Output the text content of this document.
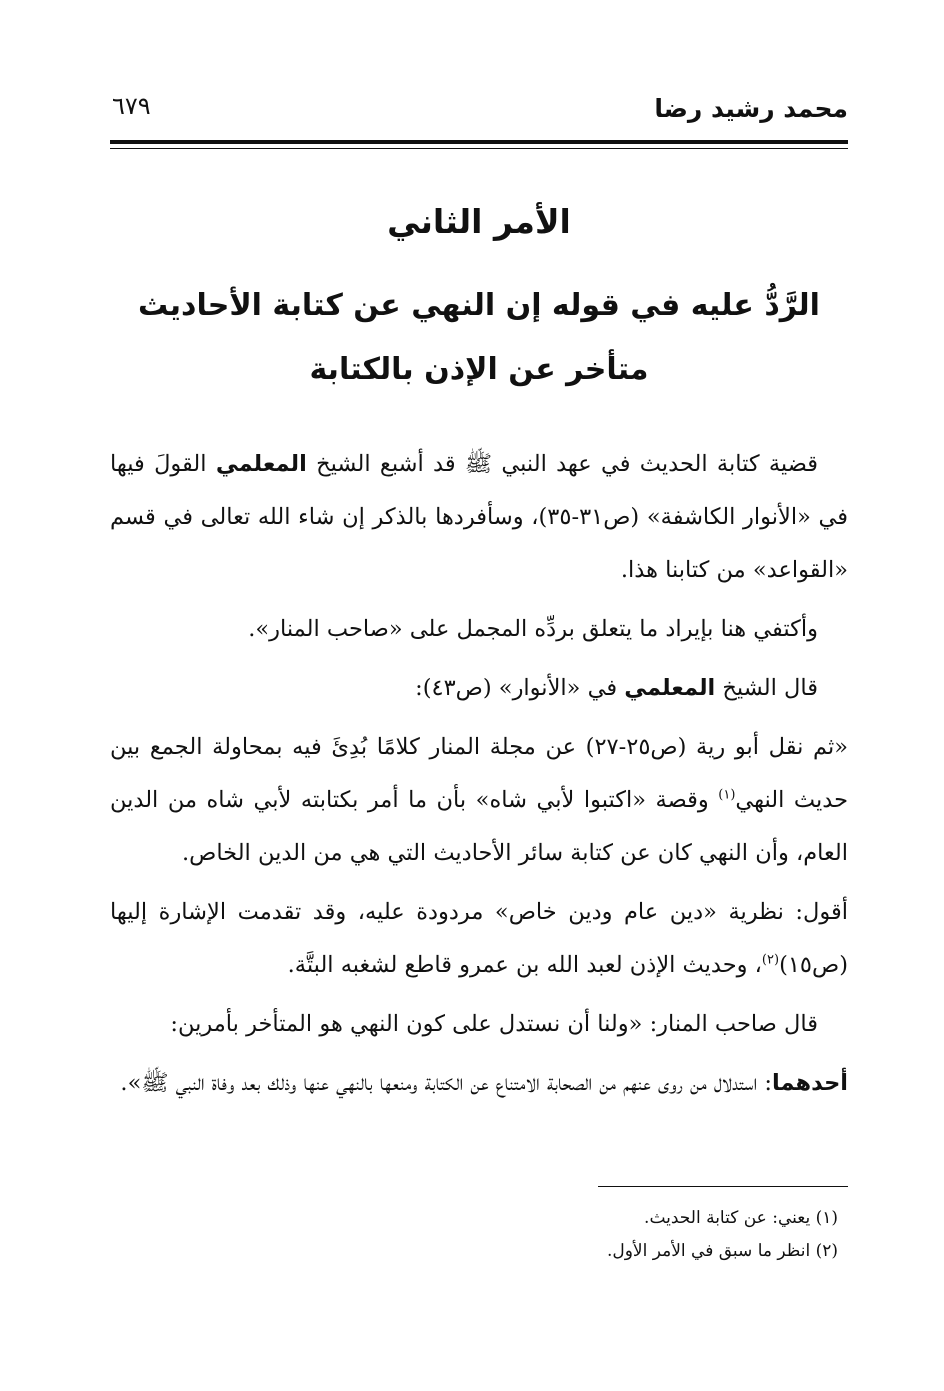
محمد رشيد رضا
٦٧٩
الأمر الثاني
الرَّدُّ عليه في قوله إن النهي عن كتابة الأحاديث
متأخر عن الإذن بالكتابة

قضية كتابة الحديث في عهد النبي ﷺ قد أشبع الشيخ المعلمي القولَ فيها في «الأنوار الكاشفة» (ص٣١-٣٥)، وسأفردها بالذكر إن شاء الله تعالى في قسم «القواعد» من كتابنا هذا.

وأكتفي هنا بإيراد ما يتعلق بردِّه المجمل على «صاحب المنار».

قال الشيخ المعلمي في «الأنوار» (ص٤٣):

«ثم نقل أبو رية (ص٢٥-٢٧) عن مجلة المنار كلامًا بُدِئَ فيه بمحاولة الجمع بين حديث النهي$^{(١)}$ وقصة «اكتبوا لأبي شاه» بأن ما أمر بكتابته لأبي شاه من الدين العام، وأن النهي كان عن كتابة سائر الأحاديث التي هي من الدين الخاص.

أقول: نظرية «دين عام ودين خاص» مردودة عليه، وقد تقدمت الإشارة إليها (ص١٥)$^{(٢)}$، وحديث الإذن لعبد الله بن عمرو قاطع لشغبه البتَّة.

قال صاحب المنار: «ولنا أن نستدل على كون النهي هو المتأخر بأمرين:

أحدهما: استدلال من روى عنهم من الصحابة الامتناع عن الكتابة ومنعها بالنهي عنها وذلك بعد وفاة النبي ﷺ».

(١) يعني: عن كتابة الحديث.
(٢) انظر ما سبق في الأمر الأول.
